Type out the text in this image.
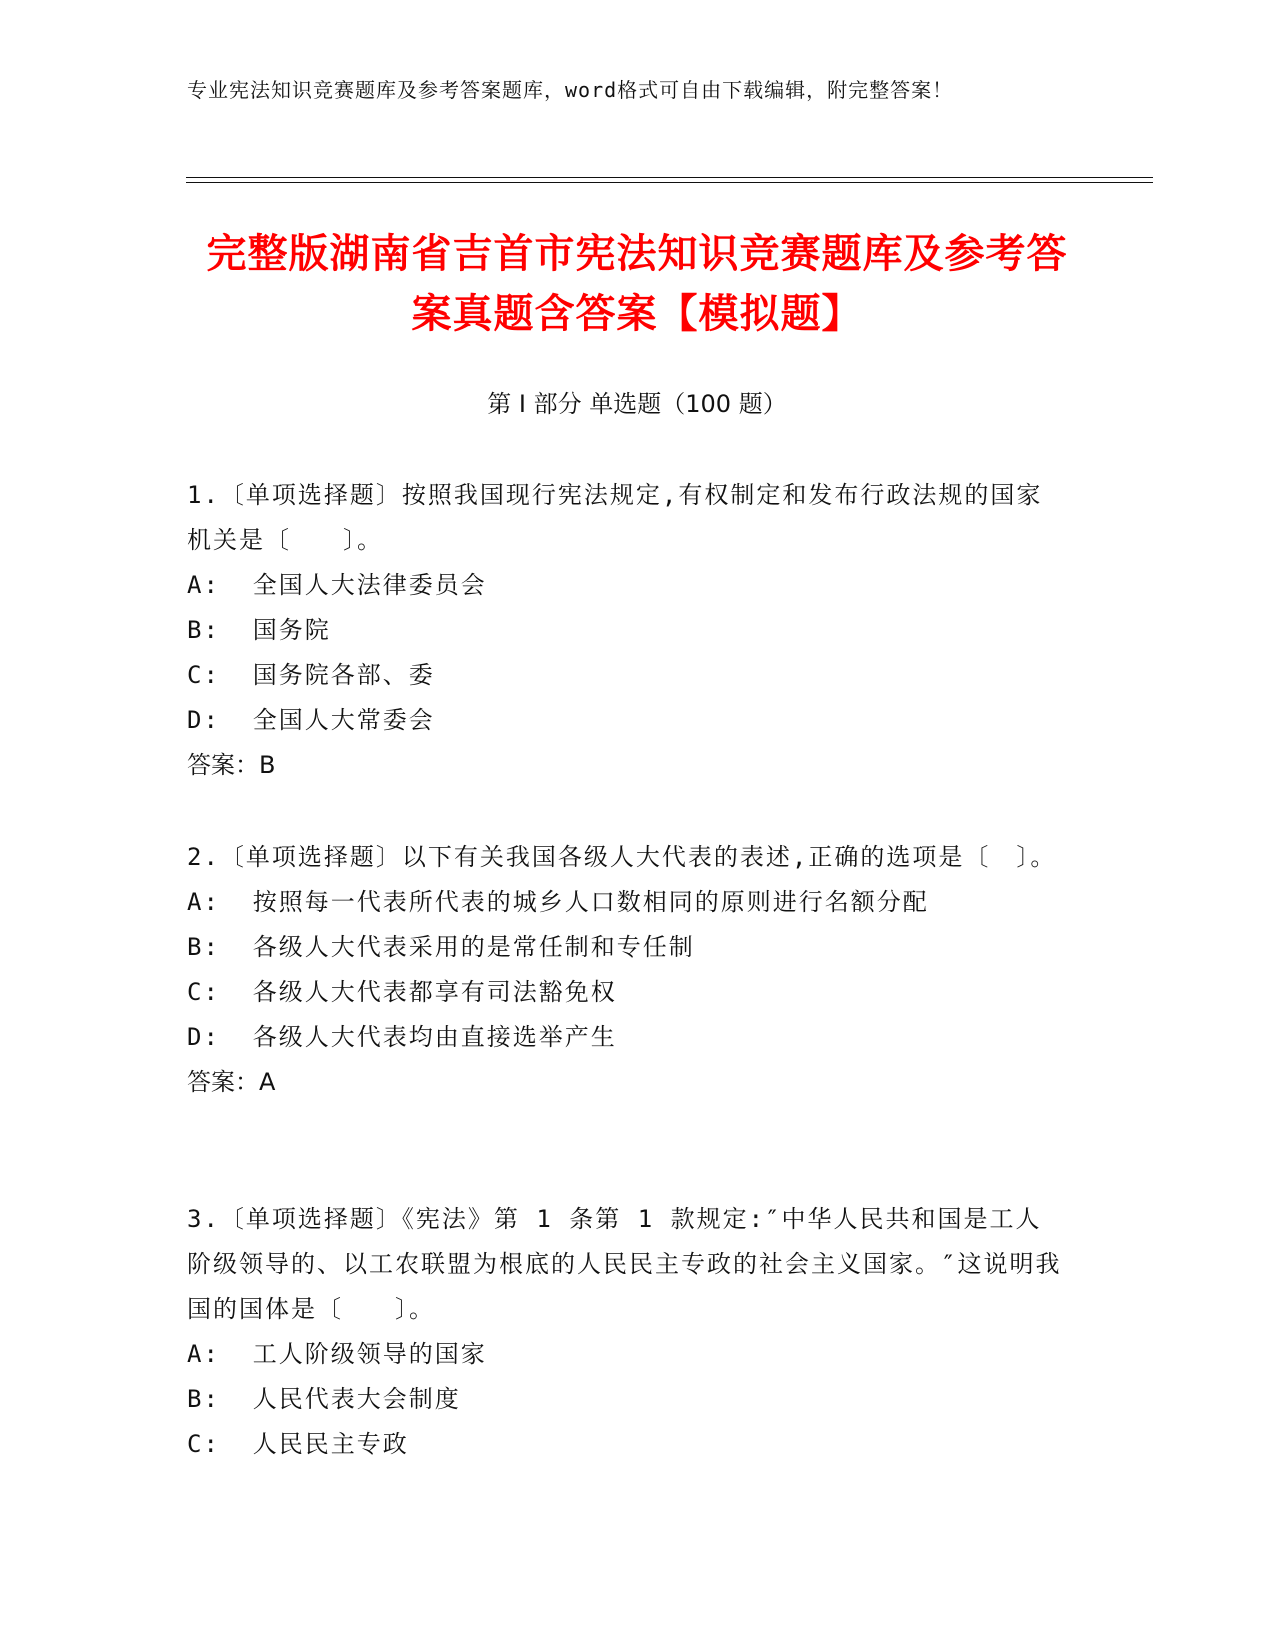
专业宪法知识竞赛题库及参考答案题库，word格式可自由下载编辑，附完整答案！
完整版湖南省吉首市宪法知识竞赛题库及参考答案真题含答案【模拟题】
第 I 部分 单选题（100 题）

1.〔单项选择题〕按照我国现行宪法规定,有权制定和发布行政法规的国家机关是〔　　〕。

A:  全国人大法律委员会

B:  国务院

C:  国务院各部、委

D:  全国人大常委会

答案：B

2.〔单项选择题〕以下有关我国各级人大代表的表述,正确的选项是〔　〕。

A:  按照每一代表所代表的城乡人口数相同的原则进行名额分配

B:  各级人大代表采用的是常任制和专任制

C:  各级人大代表都享有司法豁免权

D:  各级人大代表均由直接选举产生

答案：A

3.〔单项选择题〕《宪法》第 1 条第 1 款规定:″中华人民共和国是工人阶级领导的、以工农联盟为根底的人民民主专政的社会主义国家。″这说明我国的国体是〔　　〕。

A:  工人阶级领导的国家

B:  人民代表大会制度

C:  人民民主专政
